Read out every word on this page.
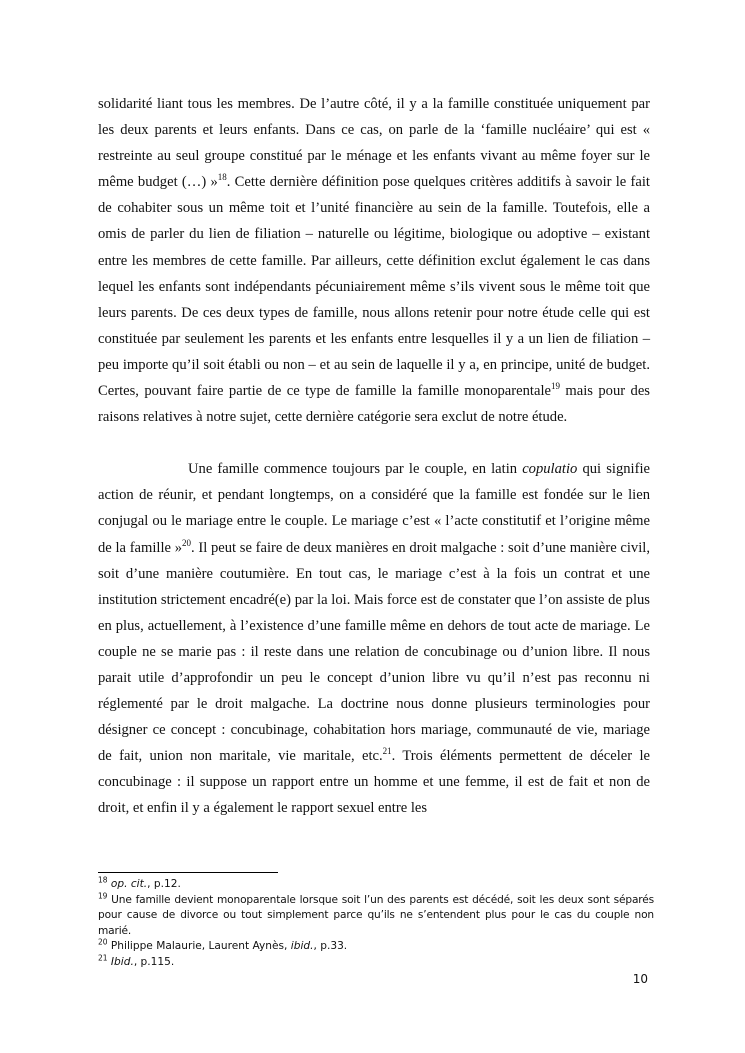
solidarité liant tous les membres. De l’autre côté, il y a la famille constituée uniquement par les deux parents et leurs enfants. Dans ce cas, on parle de la ‘famille nucléaire’ qui est « restreinte au seul groupe constitué par le ménage et les enfants vivant au même foyer sur le même budget (…) »$^{18}$. Cette dernière définition pose quelques critères additifs à savoir le fait de cohabiter sous un même toit et l’unité financière au sein de la famille. Toutefois, elle a omis de parler du lien de filiation – naturelle ou légitime, biologique ou adoptive – existant entre les membres de cette famille. Par ailleurs, cette définition exclut également le cas dans lequel les enfants sont indépendants pécuniairement même s’ils vivent sous le même toit que leurs parents. De ces deux types de famille, nous allons retenir pour notre étude celle qui est constituée par seulement les parents et les enfants entre lesquelles il y a un lien de filiation – peu importe qu’il soit établi ou non – et au sein de laquelle il y a, en principe, unité de budget. Certes, pouvant faire partie de ce type de famille la famille monoparentale$^{19}$ mais pour des raisons relatives à notre sujet, cette dernière catégorie sera exclut de notre étude.

Une famille commence toujours par le couple, en latin copulatio qui signifie action de réunir, et pendant longtemps, on a considéré que la famille est fondée sur le lien conjugal ou le mariage entre le couple. Le mariage c’est « l’acte constitutif et l’origine même de la famille »$^{20}$. Il peut se faire de deux manières en droit malgache : soit d’une manière civil, soit d’une manière coutumière. En tout cas, le mariage c’est à la fois un contrat et une institution strictement encadré(e) par la loi. Mais force est de constater que l’on assiste de plus en plus, actuellement, à l’existence d’une famille même en dehors de tout acte de mariage. Le couple ne se marie pas : il reste dans une relation de concubinage ou d’union libre. Il nous parait utile d’approfondir un peu le concept d’union libre vu qu’il n’est pas reconnu ni réglementé par le droit malgache. La doctrine nous donne plusieurs terminologies pour désigner ce concept : concubinage, cohabitation hors mariage, communauté de vie, mariage de fait, union non maritale, vie maritale, etc.$^{21}$. Trois éléments permettent de déceler le concubinage : il suppose un rapport entre un homme et une femme, il est de fait et non de droit, et enfin il y a également le rapport sexuel entre les

$^{18}$ op. cit., p.12.
$^{19}$ Une famille devient monoparentale lorsque soit l’un des parents est décédé, soit les deux sont séparés pour cause de divorce ou tout simplement parce qu’ils ne s’entendent plus pour le cas du couple non marié.
$^{20}$ Philippe Malaurie, Laurent Aynès, ibid., p.33.
$^{21}$ Ibid., p.115.
10
